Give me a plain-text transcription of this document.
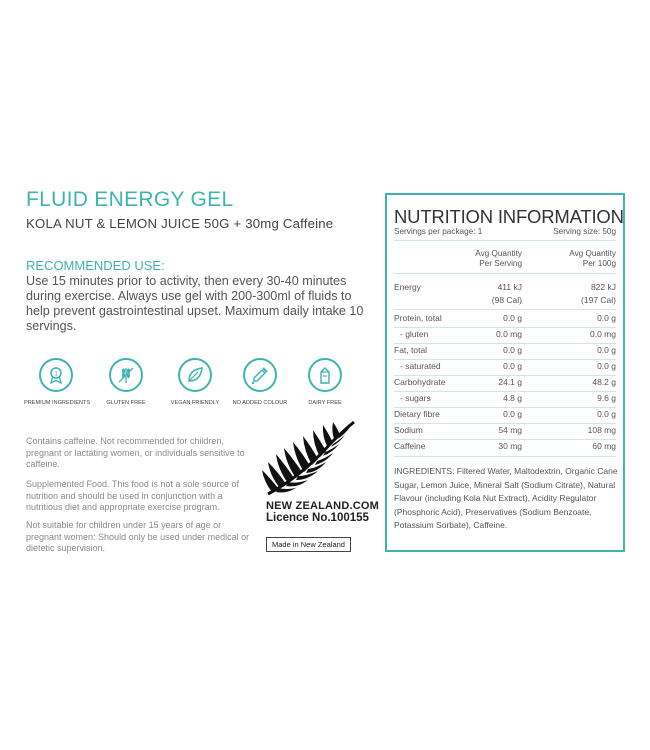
FLUID ENERGY GEL
KOLA NUT & LEMON JUICE 50G + 30mg Caffeine
RECOMMENDED USE:
Use 15 minutes prior to activity, then every 30-40 minutes during exercise. Always use gel with 200-300ml of fluids to help prevent gastrointestinal upset. Maximum daily intake 10 servings.
1
PREMIUM INGREDIENTS	GLUTEN FREE	VEGAN FRIENDLY	NO ADDED COLOUR	DAIRY FREE
Contains caffeine. Not recommended for children, pregnant or lactating women, or individuals sensitive to caffeine.
Supplemented Food. This food is not a sole source of nutrition and should be used in conjunction with a nutritious diet and appropriate exercise program.
Not suitable for children under 15 years of age or pregnant women: Should only be used under medical or dietetic supervision.
NEW ZEALAND.COM
Licence No.100155
Made in New Zealand
NUTRITION INFORMATION
Servings per package: 1	Serving size: 50g
Avg Quantity
Per Serving
Avg Quantity
Per 100g
Energy	411 kJ	822 kJ
(98 Cal)	(197 Cal)
Protein, total	0.0 g	0.0 g
- gluten	0.0 mg	0.0 mg
Fat, total	0.0 g	0.0 g
- saturated	0.0 g	0.0 g
Carbohydrate	24.1 g	48.2 g
- sugars	4.8 g	9.6 g
Dietary fibre	0.0 g	0.0 g
Sodium	54 mg	108 mg
Caffeine	30 mg	60 mg
INGREDIENTS: Filtered Water, Maltodextrin, Organic Cane Sugar, Lemon Juice, Mineral Salt (Sodium Citrate), Natural Flavour (including Kola Nut Extract), Acidity Regulator (Phosphoric Acid), Preservatives (Sodium Benzoate, Potassium Sorbate), Caffeine.
